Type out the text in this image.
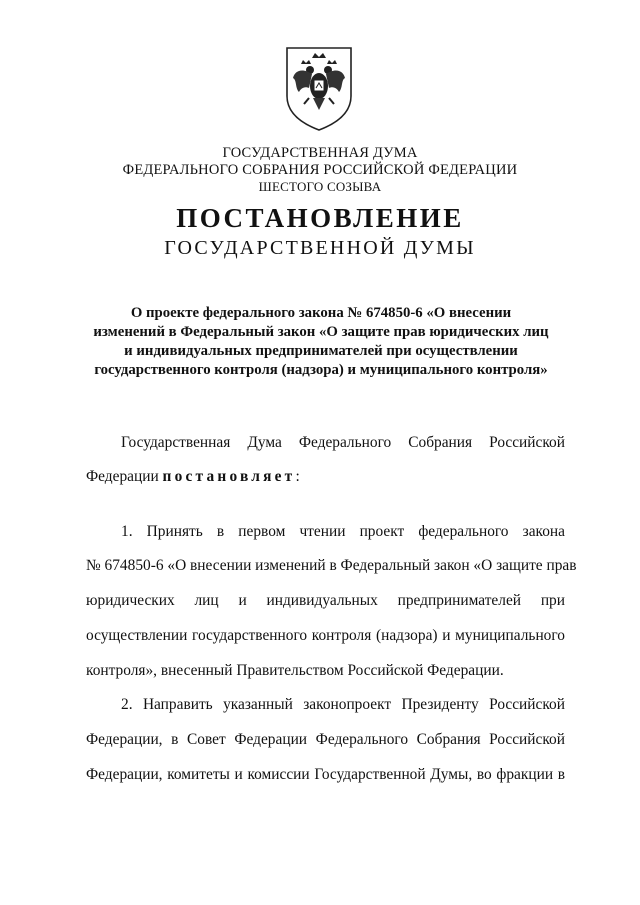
ГОСУДАРСТВЕННАЯ ДУМА
ФЕДЕРАЛЬНОГО СОБРАНИЯ РОССИЙСКОЙ ФЕДЕРАЦИИ
ШЕСТОГО СОЗЫВА
ПОСТАНОВЛЕНИЕ
ГОСУДАРСТВЕННОЙ ДУМЫ
О проекте федерального закона № 674850-6 «О внесении
изменений в Федеральный закон «О защите прав юридических лиц
и индивидуальных предпринимателей при осуществлении
государственного контроля (надзора) и муниципального контроля»
Государственная Дума Федерального Собрания Российской
Федерации постановляет:
1. Принять в первом чтении проект федерального закона
№ 674850-6 «О внесении изменений в Федеральный закон «О защите прав
юридических лиц и индивидуальных предпринимателей при
осуществлении государственного контроля (надзора) и муниципального
контроля», внесенный Правительством Российской Федерации.
2. Направить указанный законопроект Президенту Российской
Федерации, в Совет Федерации Федерального Собрания Российской
Федерации, комитеты и комиссии Государственной Думы, во фракции в
